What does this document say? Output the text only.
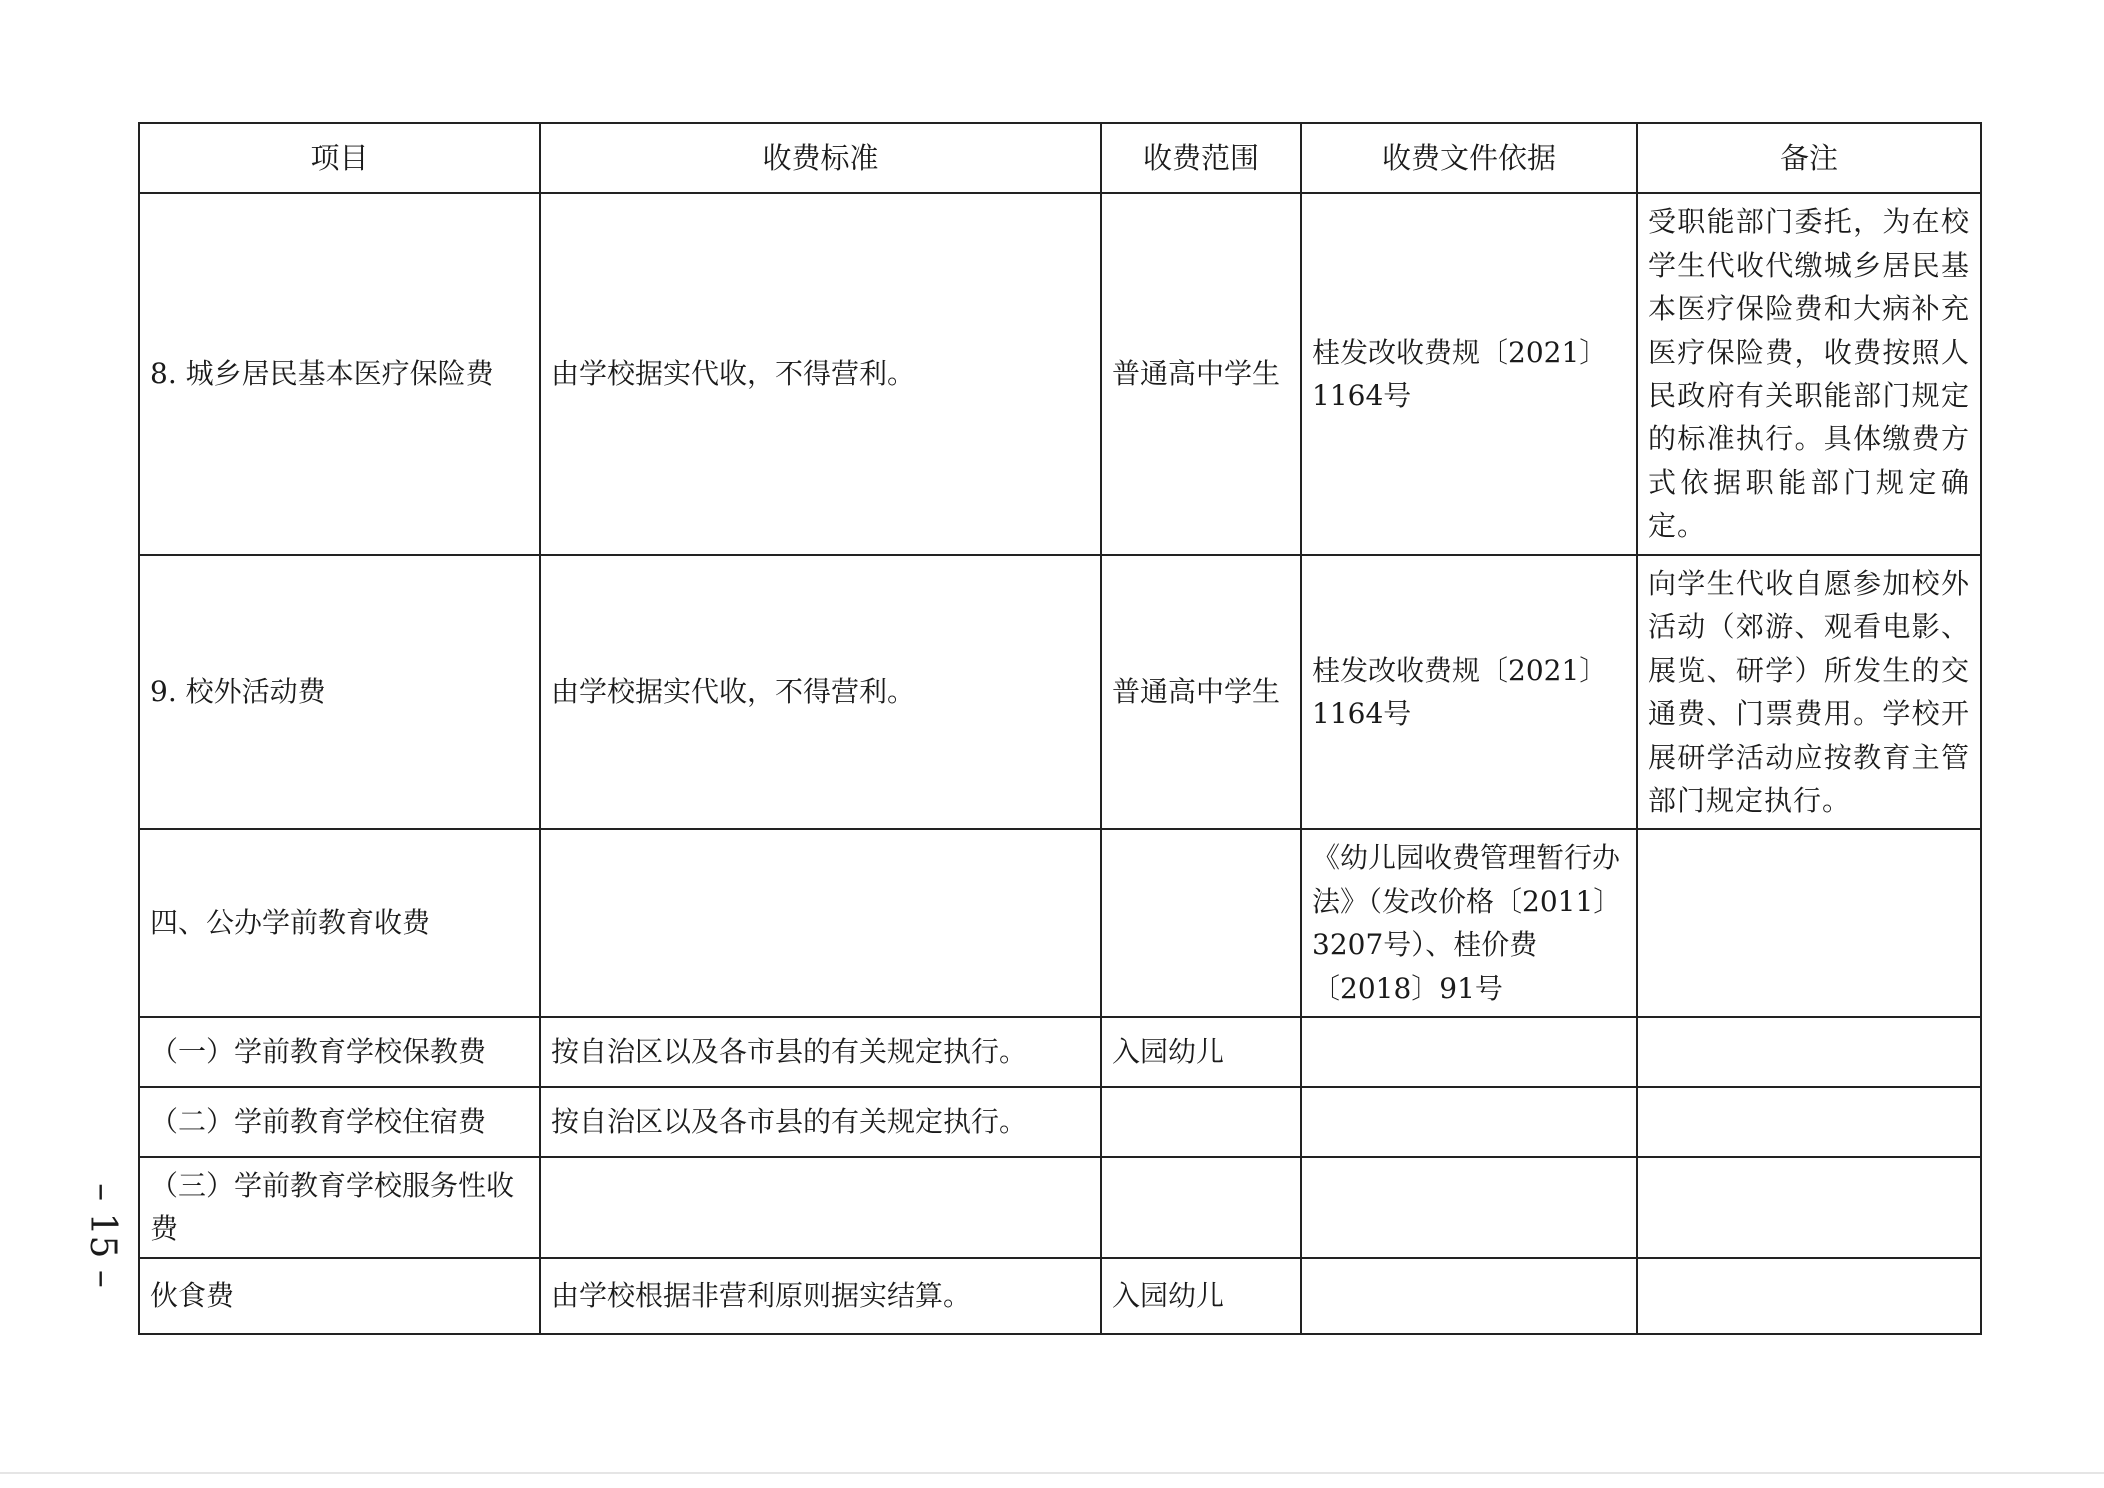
– 15 –
项目	收费标准	收费范围	收费文件依据	备注
8. 城乡居民基本医疗保险费	由学校据实代收，不得营利。	普通高中学生	桂发改收费规〔2021〕1164号	受职能部门委托，为在校学生代收代缴城乡居民基本医疗保险费和大病补充医疗保险费，收费按照人民政府有关职能部门规定的标准执行。具体缴费方式依据职能部门规定确定。
9. 校外活动费	由学校据实代收，不得营利。	普通高中学生	桂发改收费规〔2021〕1164号	向学生代收自愿参加校外活动（郊游、观看电影、展览、研学）所发生的交通费、门票费用。学校开展研学活动应按教育主管部门规定执行。
四、公办学前教育收费			《幼儿园收费管理暂行办法》（发改价格〔2011〕3207号）、桂价费〔2018〕91号	
（一）学前教育学校保教费	按自治区以及各市县的有关规定执行。	入园幼儿		
（二）学前教育学校住宿费	按自治区以及各市县的有关规定执行。			
（三）学前教育学校服务性收费				
伙食费	由学校根据非营利原则据实结算。	入园幼儿		
